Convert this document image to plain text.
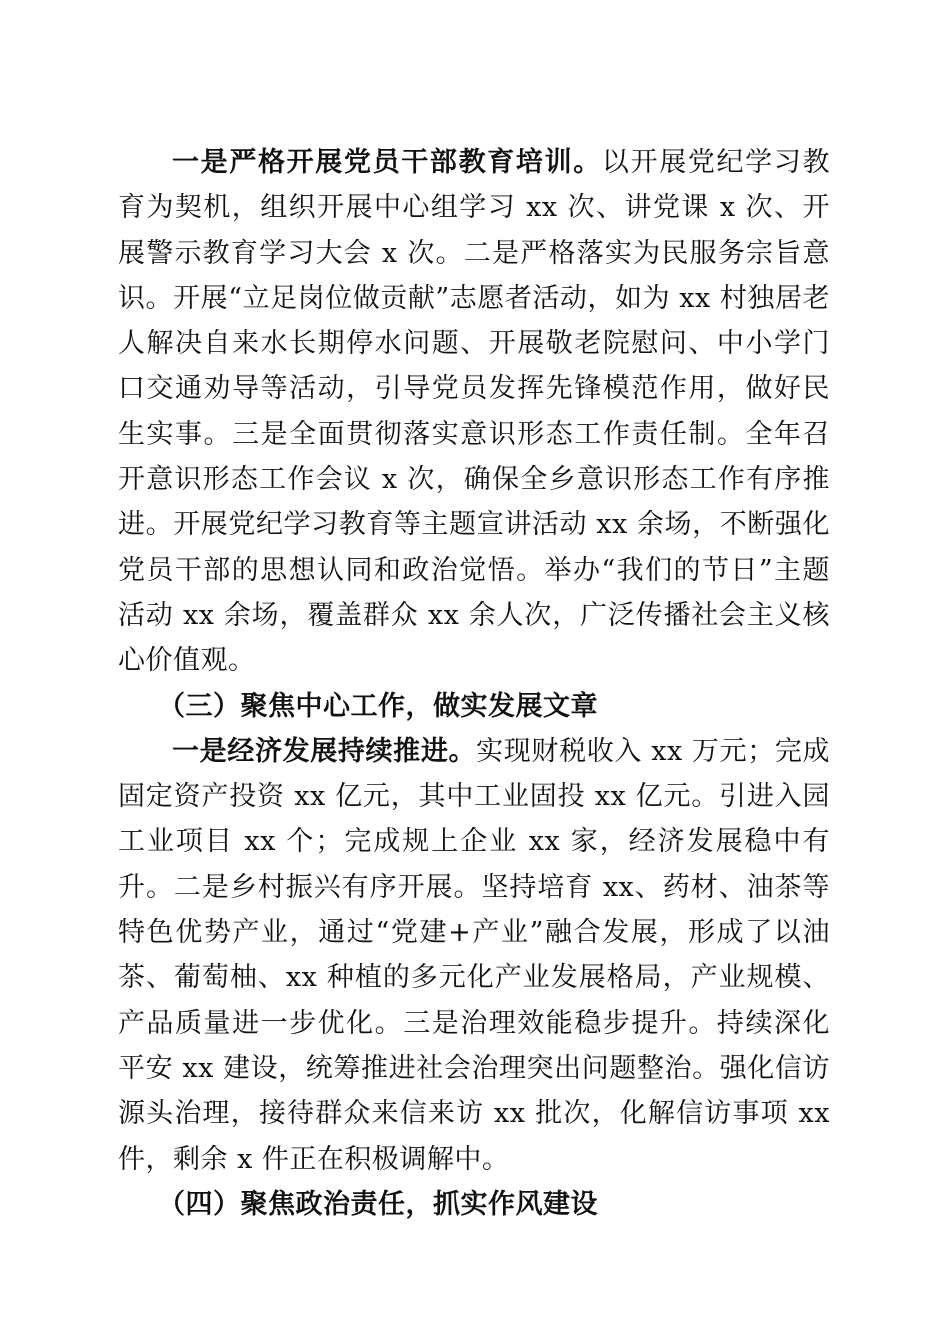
一是严格开展党员干部教育培训。以开展党纪学习教育为契机，组织开展中心组学习 xx 次、讲党课 x 次、开展警示教育学习大会 x 次。二是严格落实为民服务宗旨意识。开展“立足岗位做贡献”志愿者活动，如为 xx 村独居老人解决自来水长期停水问题、开展敬老院慰问、中小学门口交通劝导等活动，引导党员发挥先锋模范作用，做好民生实事。三是全面贯彻落实意识形态工作责任制。全年召开意识形态工作会议 x 次，确保全乡意识形态工作有序推进。开展党纪学习教育等主题宣讲活动 xx 余场，不断强化党员干部的思想认同和政治觉悟。举办“我们的节日”主题活动 xx 余场，覆盖群众 xx 余人次，广泛传播社会主义核心价值观。

（三）聚焦中心工作，做实发展文章

一是经济发展持续推进。实现财税收入 xx 万元；完成固定资产投资 xx 亿元，其中工业固投 xx 亿元。引进入园工业项目 xx 个；完成规上企业 xx 家，经济发展稳中有升。二是乡村振兴有序开展。坚持培育 xx、药材、油茶等特色优势产业，通过“党建+产业”融合发展，形成了以油茶、葡萄柚、xx 种植的多元化产业发展格局，产业规模、产品质量进一步优化。三是治理效能稳步提升。持续深化平安 xx 建设，统筹推进社会治理突出问题整治。强化信访源头治理，接待群众来信来访 xx 批次，化解信访事项 xx 件，剩余 x 件正在积极调解中。

（四）聚焦政治责任，抓实作风建设
